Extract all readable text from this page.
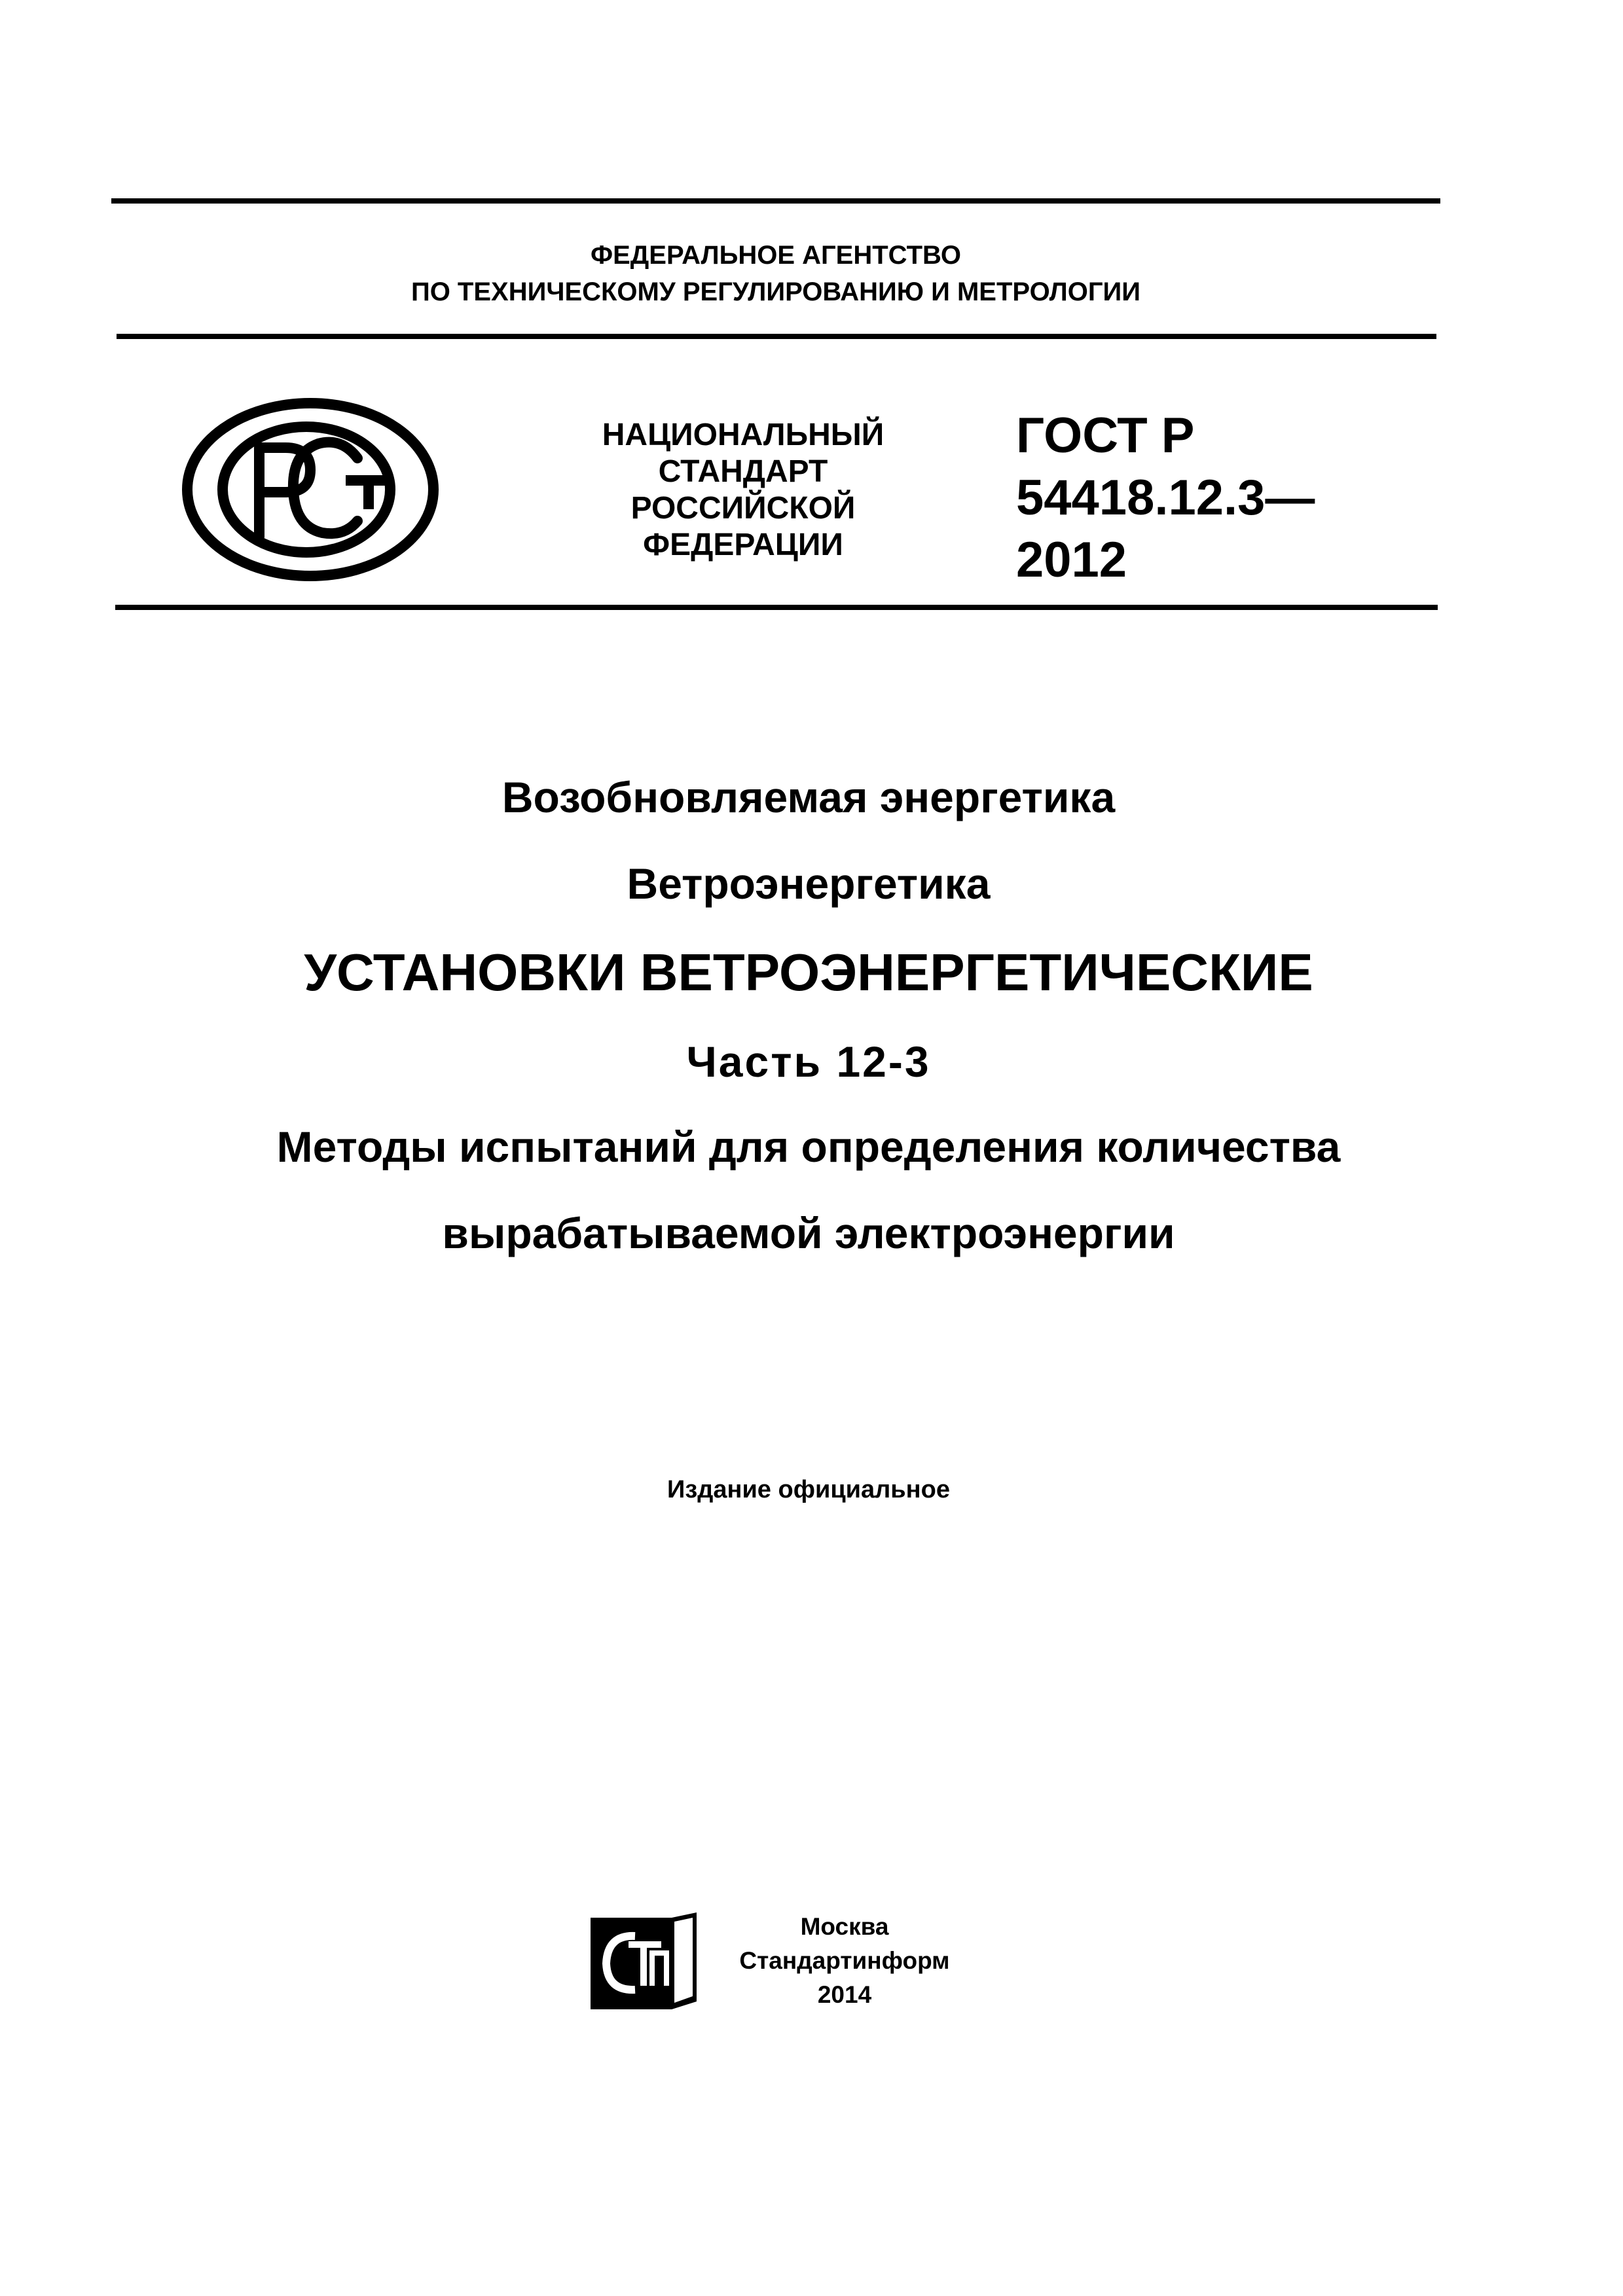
ФЕДЕРАЛЬНОЕ АГЕНТСТВО
ПО ТЕХНИЧЕСКОМУ РЕГУЛИРОВАНИЮ И МЕТРОЛОГИИ
НАЦИОНАЛЬНЫЙ
СТАНДАРТ
РОССИЙСКОЙ
ФЕДЕРАЦИИ
ГОСТ Р
54418.12.3—
2012
Возобновляемая энергетика
Ветроэнергетика
УСТАНОВКИ ВЕТРОЭНЕРГЕТИЧЕСКИЕ
Часть 12-3
Методы испытаний для определения количества
вырабатываемой электроэнергии
Издание официальное
Москва
Стандартинформ
2014
